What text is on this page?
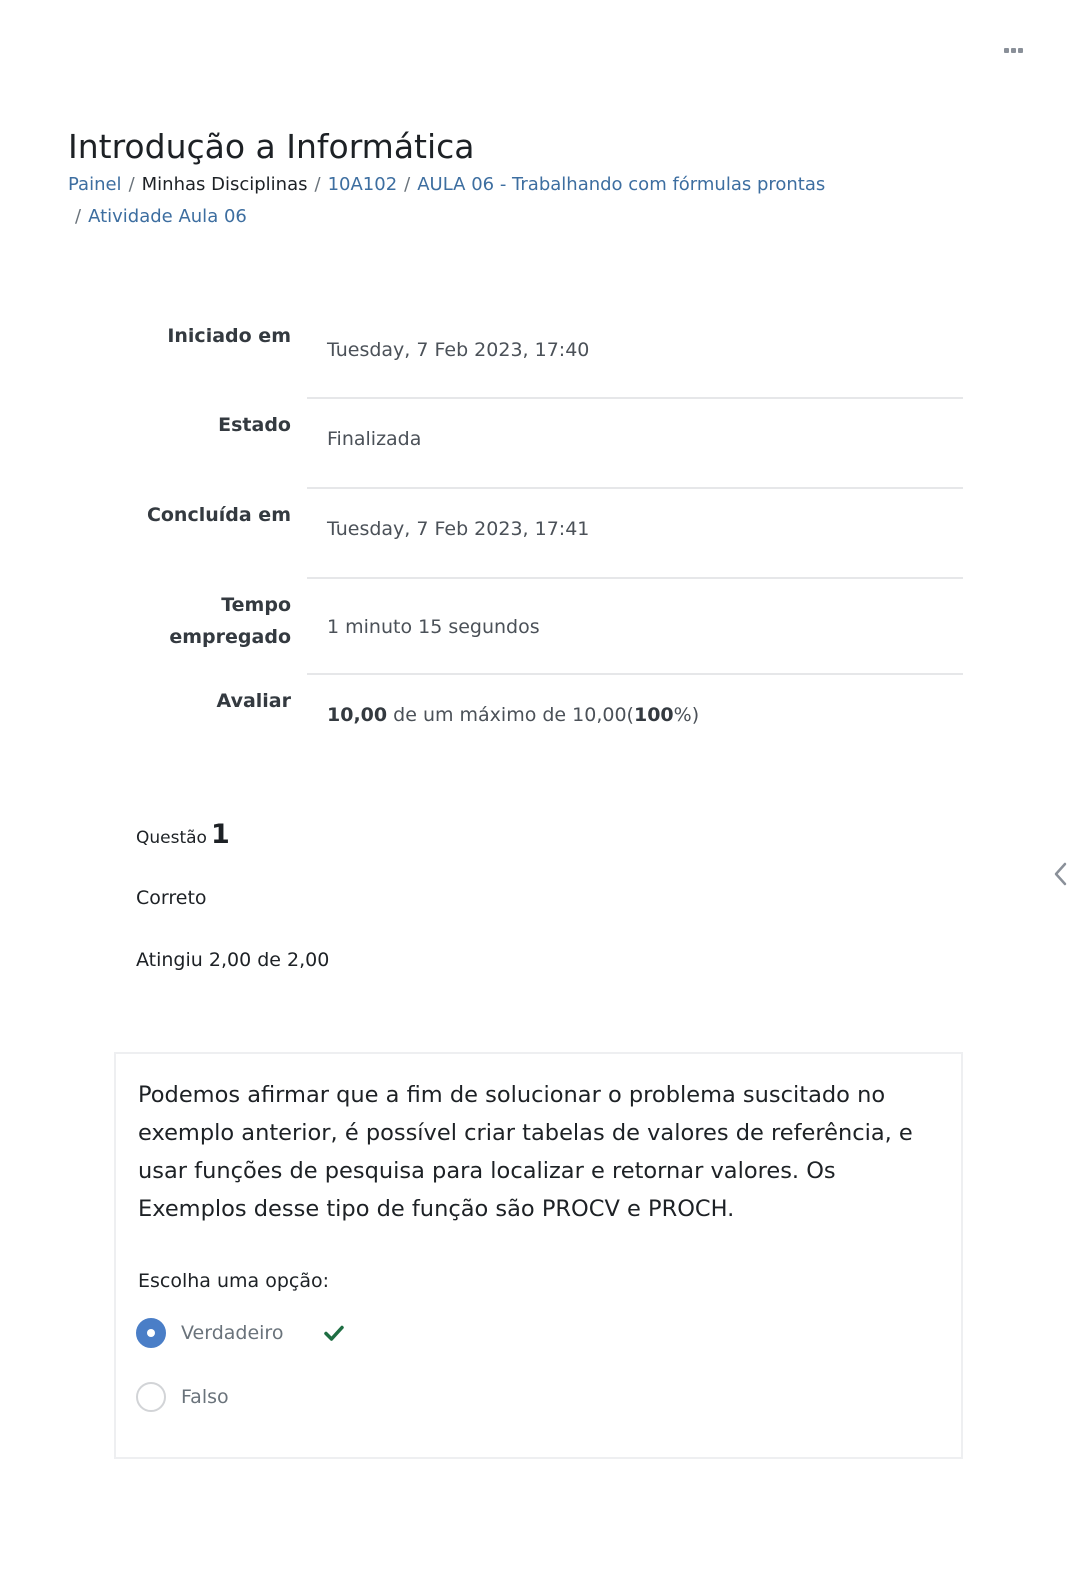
Introdução a Informática
Painel / Minhas Disciplinas / 10A102 / AULA 06 - Trabalhando com fórmulas prontas
/ Atividade Aula 06
Iniciado em
Tuesday, 7 Feb 2023, 17:40
Estado
Finalizada
Concluída em
Tuesday, 7 Feb 2023, 17:41
Tempo
empregado	1 minuto 15 segundos
Avaliar
10,00 de um máximo de 10,00(100%)
Questão 1
Correto
Atingiu 2,00 de 2,00

Podemos afirmar que a fim de solucionar o problema suscitado no exemplo anterior, é possível criar tabelas de valores de referência, e usar funções de pesquisa para localizar e retornar valores. Os Exemplos desse tipo de função são PROCV e PROCH.

Escolha uma opção:
Verdadeiro
Falso
